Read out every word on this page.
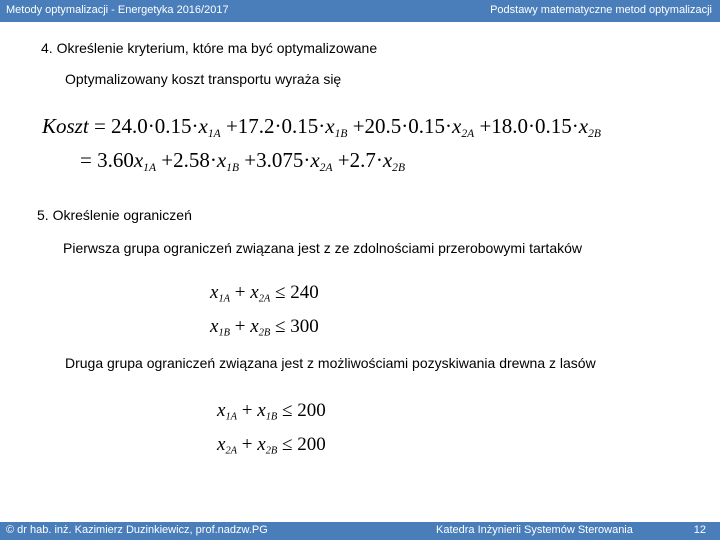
Metody optymalizacji - Energetyka 2016/2017	Podstawy matematyczne metod optymalizacji
4. Określenie kryterium, które ma być optymalizowane
Optymalizowany koszt transportu wyraża się
Koszt = $24.0\cdot 0.15\cdot x_{1A} +17.2\cdot 0.15\cdot x_{1B} +20.5\cdot 0.15\cdot x_{2A} +18.0\cdot 0.15\cdot x_{2B}$
= $3.60x_{1A} +2.58\cdot x_{1B} +3.075\cdot x_{2A} +2.7\cdot x_{2B}$
5. Określenie ograniczeń
Pierwsza grupa ograniczeń związana jest z ze zdolnościami przerobowymi tartaków
$x_{1A} + x_{2A} \le 240$
$x_{1B} + x_{2B} \le 300$
Druga grupa ograniczeń związana jest z możliwościami pozyskiwania drewna z lasów
$x_{1A} + x_{1B} \le 200$
$x_{2A} + x_{2B} \le 200$
© dr hab. inż. Kazimierz Duzinkiewicz, prof.nadzw.PG	Katedra Inżynierii Systemów Sterowania	12
